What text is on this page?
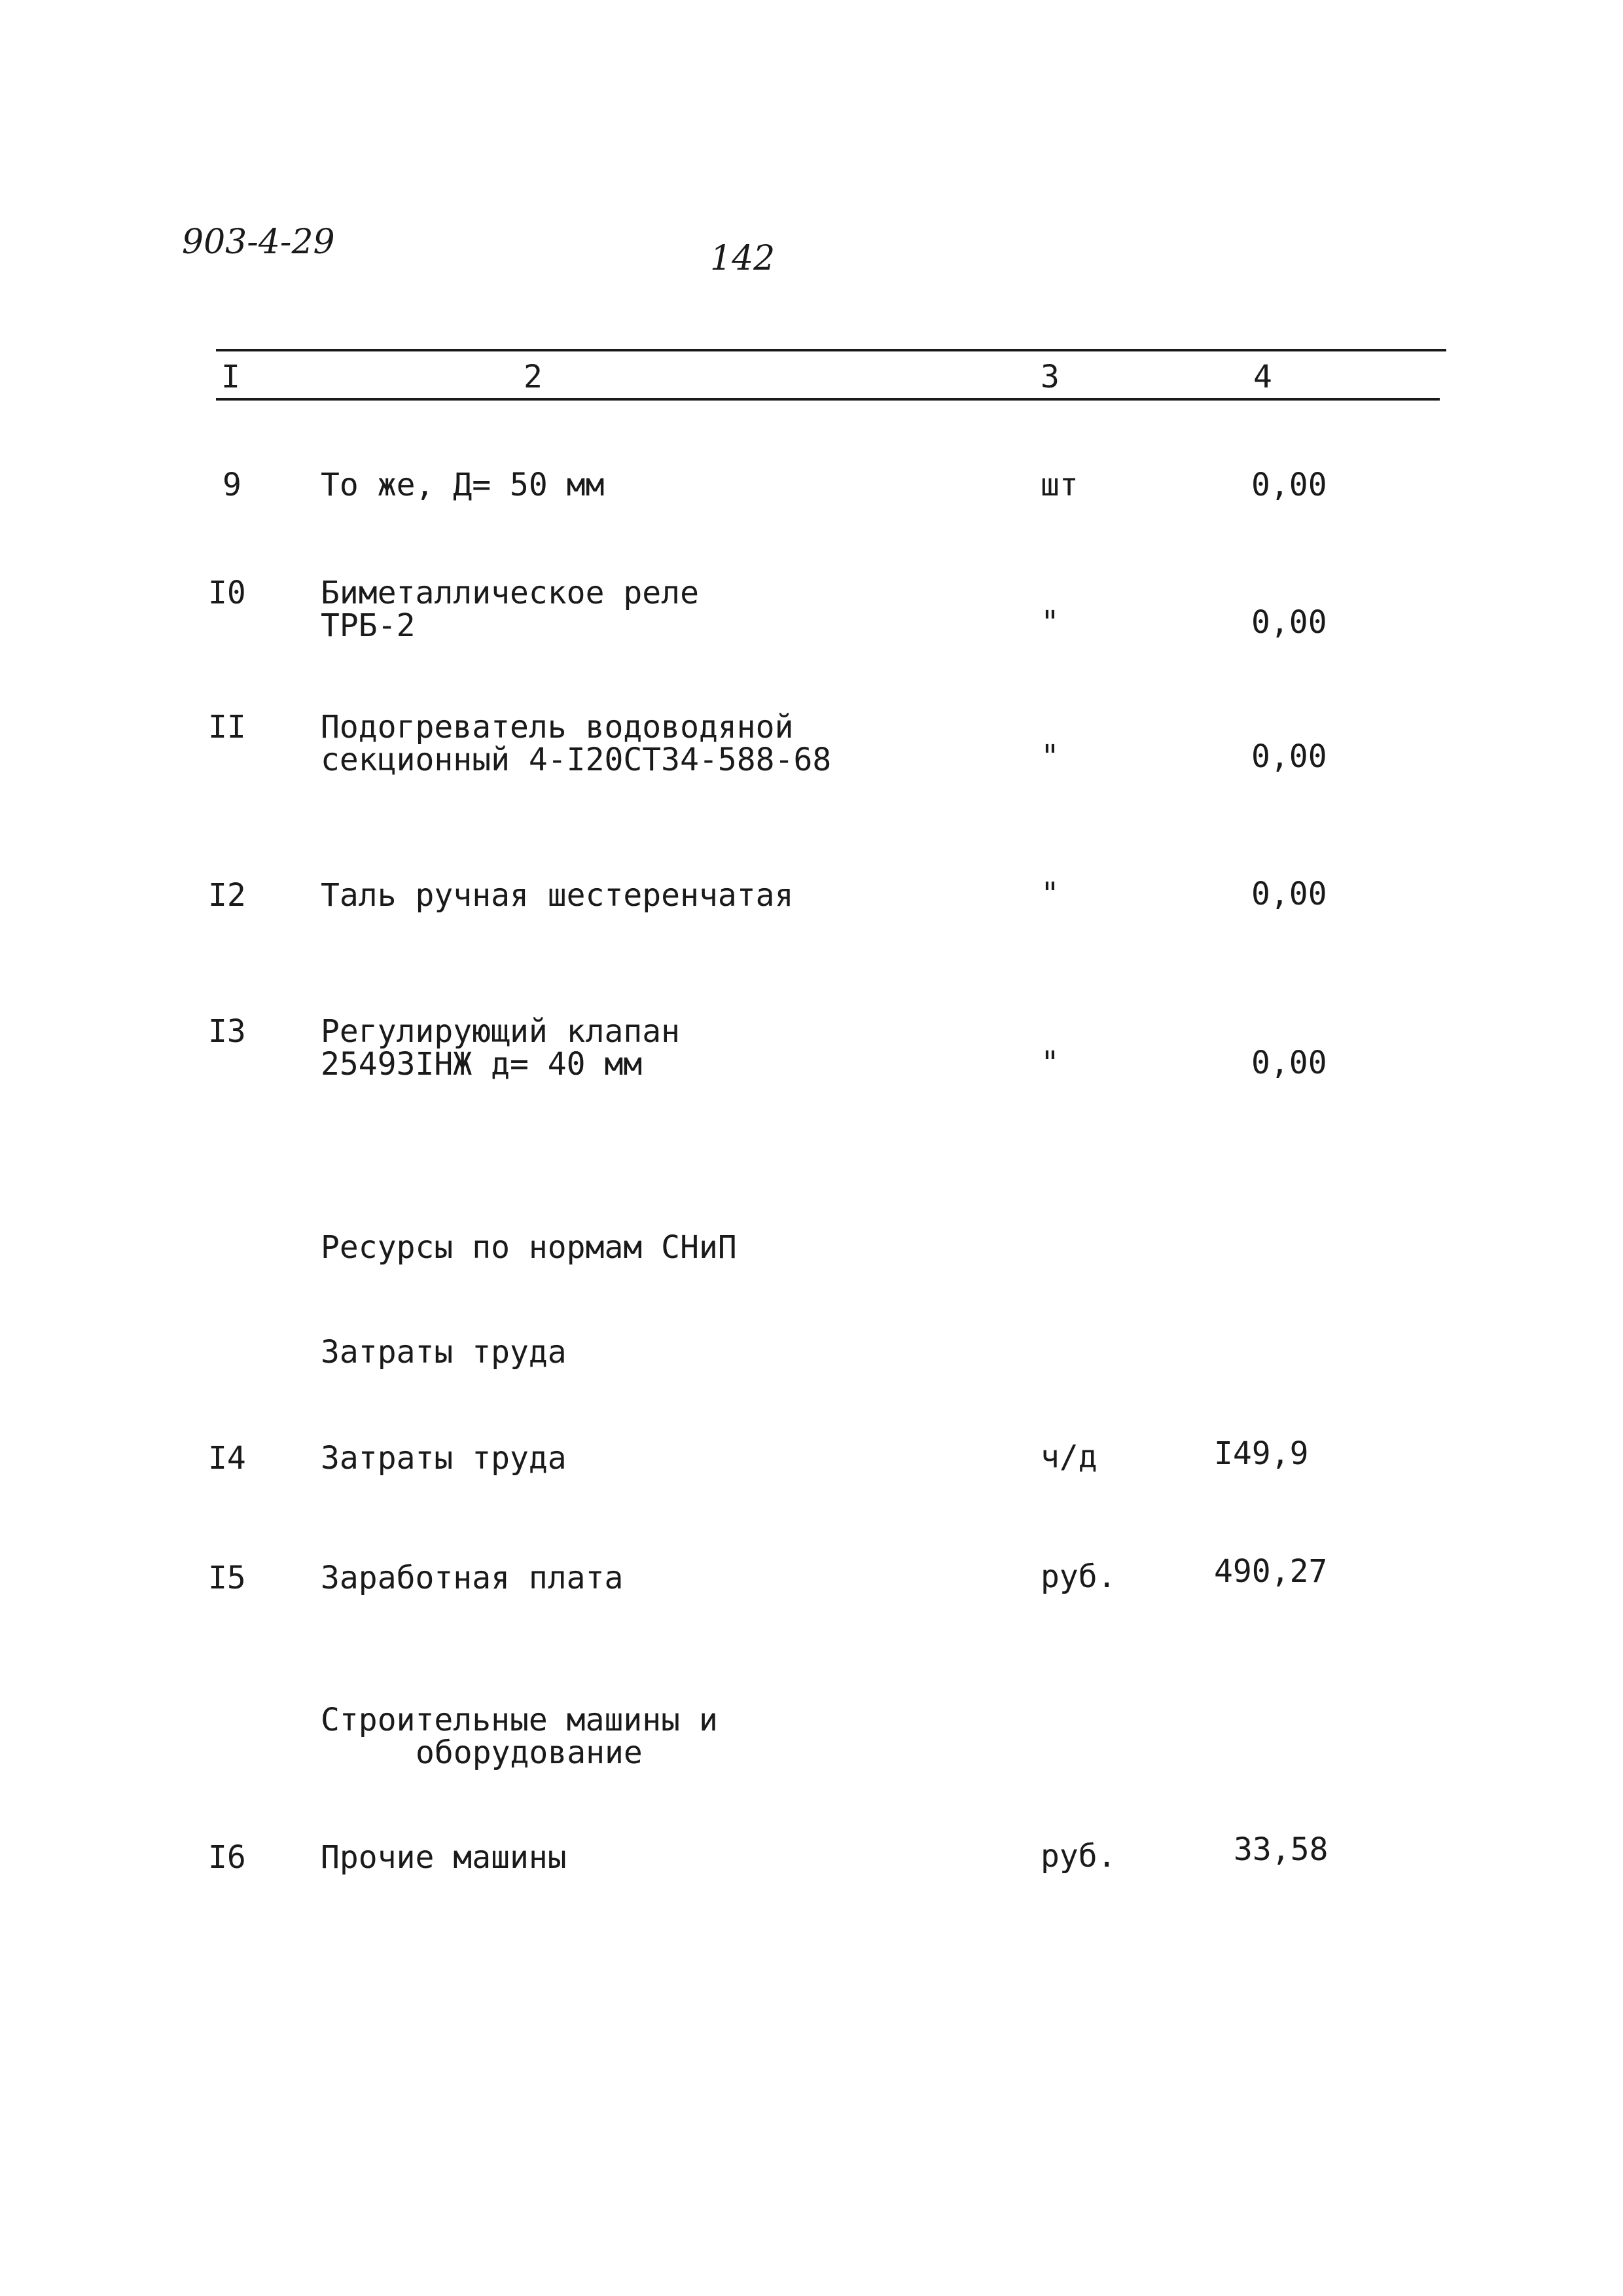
903-4-29	142
I	2	3	4
9	То же, Д= 50 мм	шт	0,00
I0 Биметаллическое реле
ТРБ-2	"	0,00
II Подогреватель водоводяной
секционный 4-I20СТ34-588-68	"	0,00
I2 Таль ручная шестеренчатая	"	0,00
I3 Регулирующий клапан
25493IНЖ д= 40 мм	"	0,00
Ресурсы по нормам СНиП
Затраты труда
I4 Затраты труда	ч/д	I49,9
I5 Заработная плата	руб.	490,27
Строительные машины и
оборудование
I6 Прочие машины	руб.	33,58
